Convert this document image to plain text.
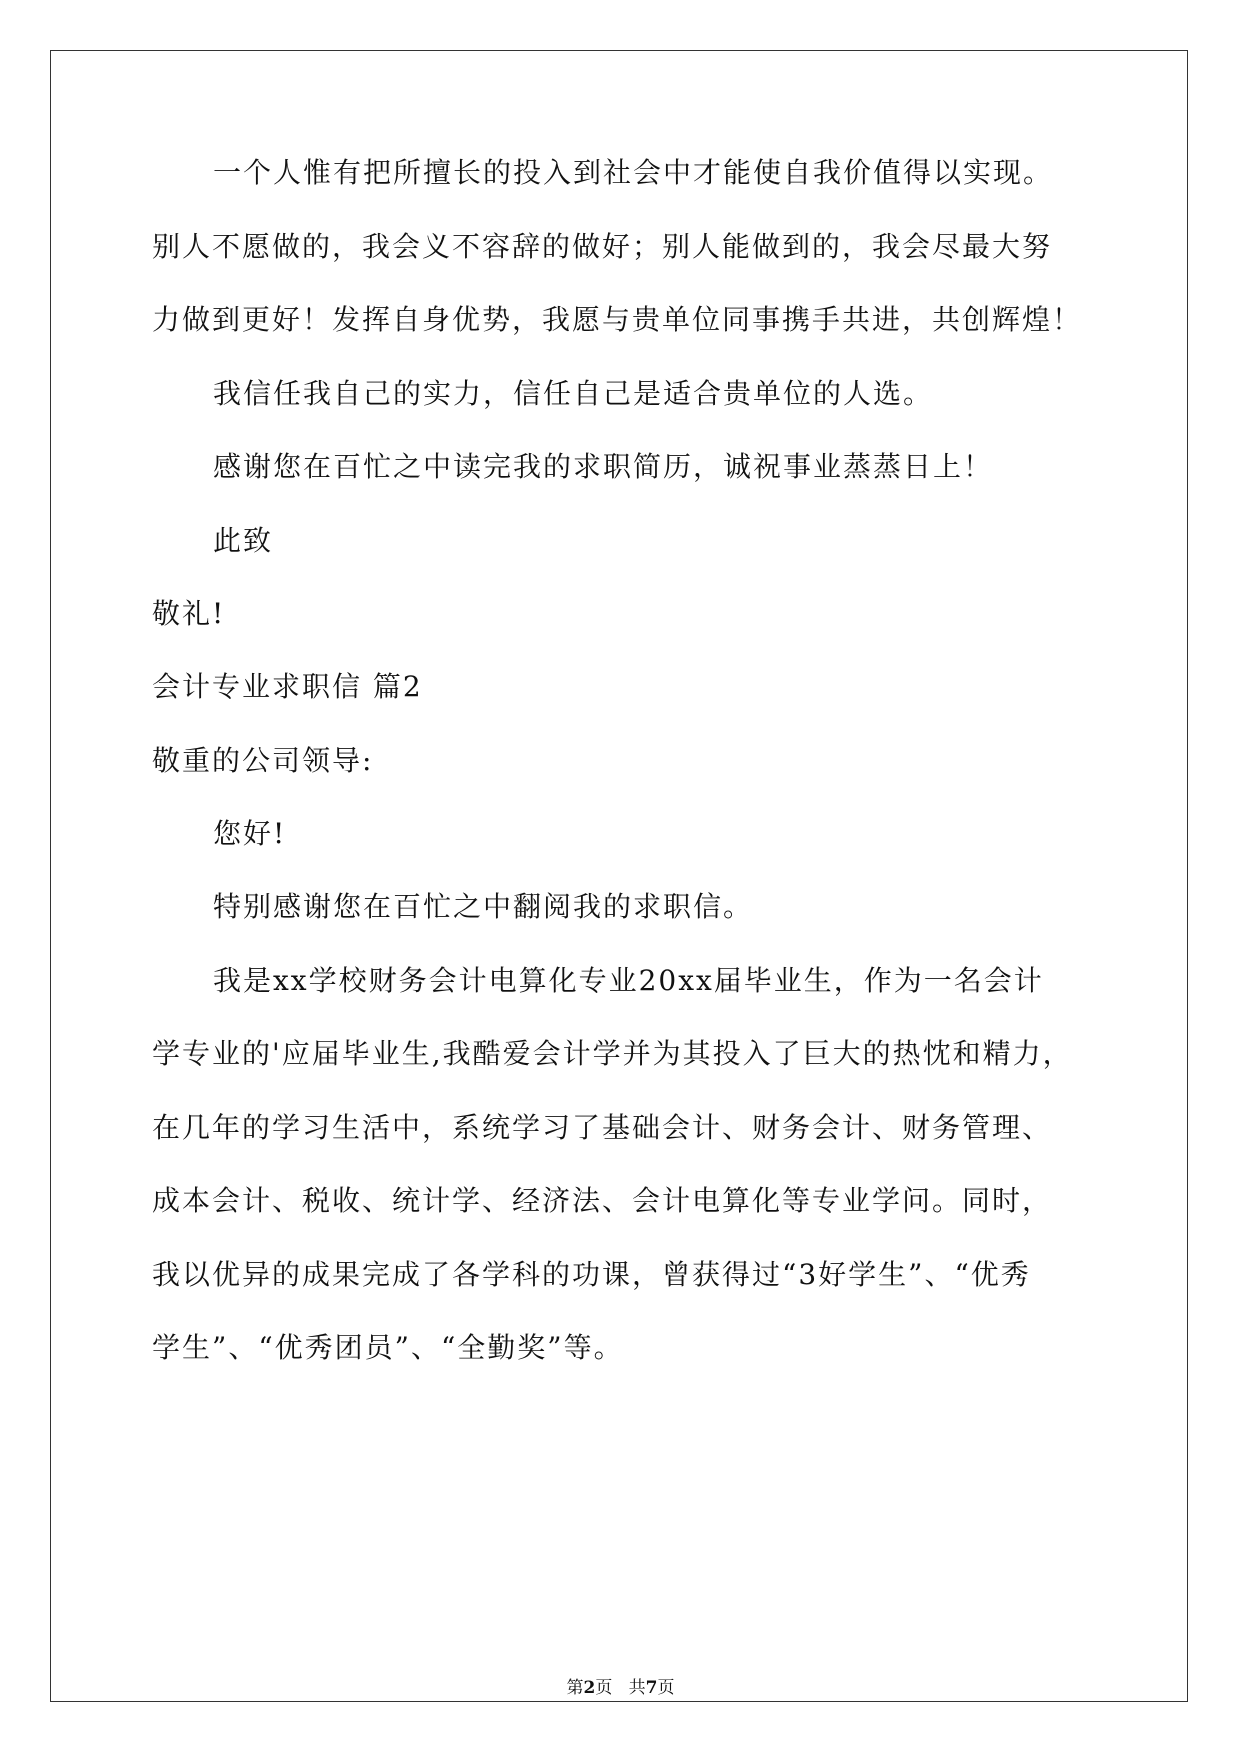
一个人惟有把所擅长的投入到社会中才能使自我价值得以实现。
别人不愿做的，我会义不容辞的做好；别人能做到的，我会尽最大努
力做到更好！发挥自身优势，我愿与贵单位同事携手共进，共创辉煌！
我信任我自己的实力，信任自己是适合贵单位的人选。
感谢您在百忙之中读完我的求职简历，诚祝事业蒸蒸日上！
此致
敬礼!
会计专业求职信 篇2
敬重的公司领导:
您好!
特别感谢您在百忙之中翻阅我的求职信。
我是xx学校财务会计电算化专业20xx届毕业生，作为一名会计
学专业的'应届毕业生,我酷爱会计学并为其投入了巨大的热忱和精力，
在几年的学习生活中，系统学习了基础会计、财务会计、财务管理、
成本会计、税收、统计学、经济法、会计电算化等专业学问。同时，
我以优异的成果完成了各学科的功课，曾获得过“3好学生”、“优秀
学生”、“优秀团员”、“全勤奖”等。
第2页 共7页
